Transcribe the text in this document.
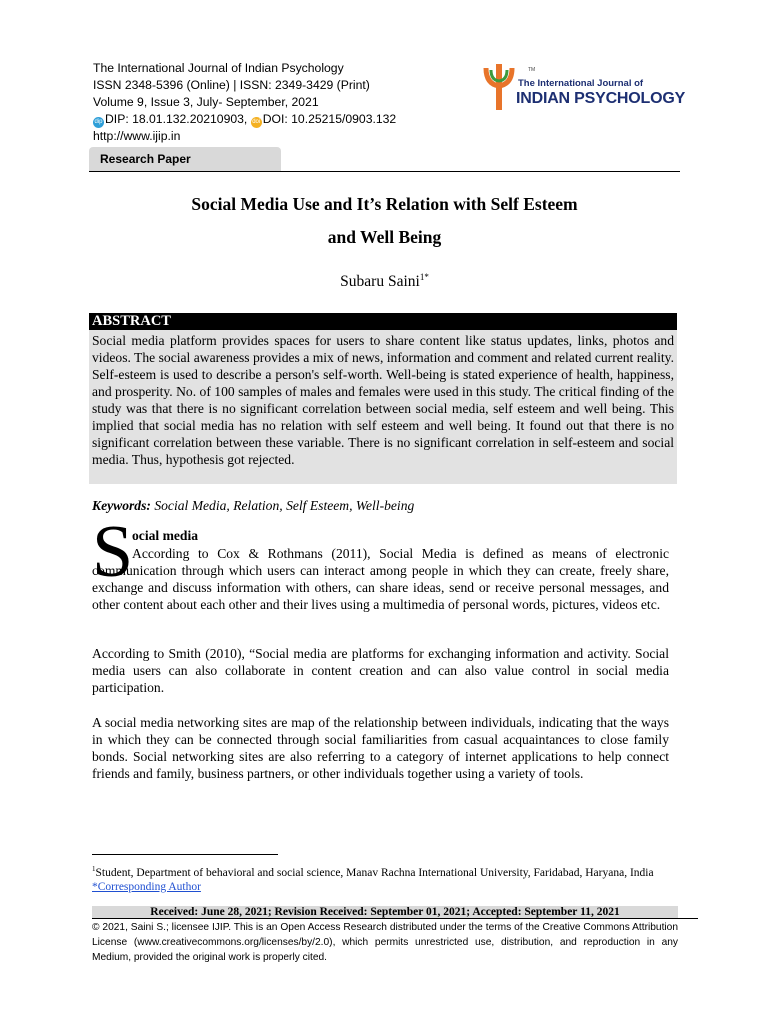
The International Journal of Indian Psychology
ISSN 2348-5396 (Online) | ISSN: 2349-3429 (Print)
Volume 9, Issue 3, July- September, 2021
dip DIP: 18.01.132.20210903, doi DOI: 10.25215/0903.132
http://www.ijip.in
TM
The International Journal of
INDIAN PSYCHOLOGY
Research Paper
Social Media Use and It’s Relation with Self Esteem
and Well Being
Subaru Saini$^{1*}$
ABSTRACT
Social media platform provides spaces for users to share content like status updates, links, photos and videos. The social awareness provides a mix of news, information and comment and related current reality. Self-esteem is used to describe a person's self-worth. Well-being is stated experience of health, happiness, and prosperity. No. of 100 samples of males and females were used in this study. The critical finding of the study was that there is no significant correlation between social media, self esteem and well being. This implied that social media has no relation with self esteem and well being. It found out that there is no significant correlation between these variable. There is no significant correlation in self-esteem and social media. Thus, hypothesis got rejected.
Keywords: Social Media, Relation, Self Esteem, Well-being
S
ocial media
According to Cox & Rothmans (2011), Social Media is defined as means of electronic communication through which users can interact among people in which they can create, freely share, exchange and discuss information with others, can share ideas, send or receive personal messages, and other content about each other and their lives using a multimedia of personal words, pictures, videos etc.
According to Smith (2010), “Social media are platforms for exchanging information and activity. Social media users can also collaborate in content creation and can also value control in social media participation.
A social media networking sites are map of the relationship between individuals, indicating that the ways in which they can be connected through social familiarities from casual acquaintances to close family bonds. Social networking sites are also referring to a category of internet applications to help connect friends and family, business partners, or other individuals together using a variety of tools.
$^1$Student, Department of behavioral and social science, Manav Rachna International University, Faridabad, Haryana, India
*Corresponding Author
Received: June 28, 2021; Revision Received: September 01, 2021; Accepted: September 11, 2021
© 2021, Saini S.; licensee IJIP. This is an Open Access Research distributed under the terms of the Creative Commons Attribution License (www.creativecommons.org/licenses/by/2.0), which permits unrestricted use, distribution, and reproduction in any Medium, provided the original work is properly cited.
